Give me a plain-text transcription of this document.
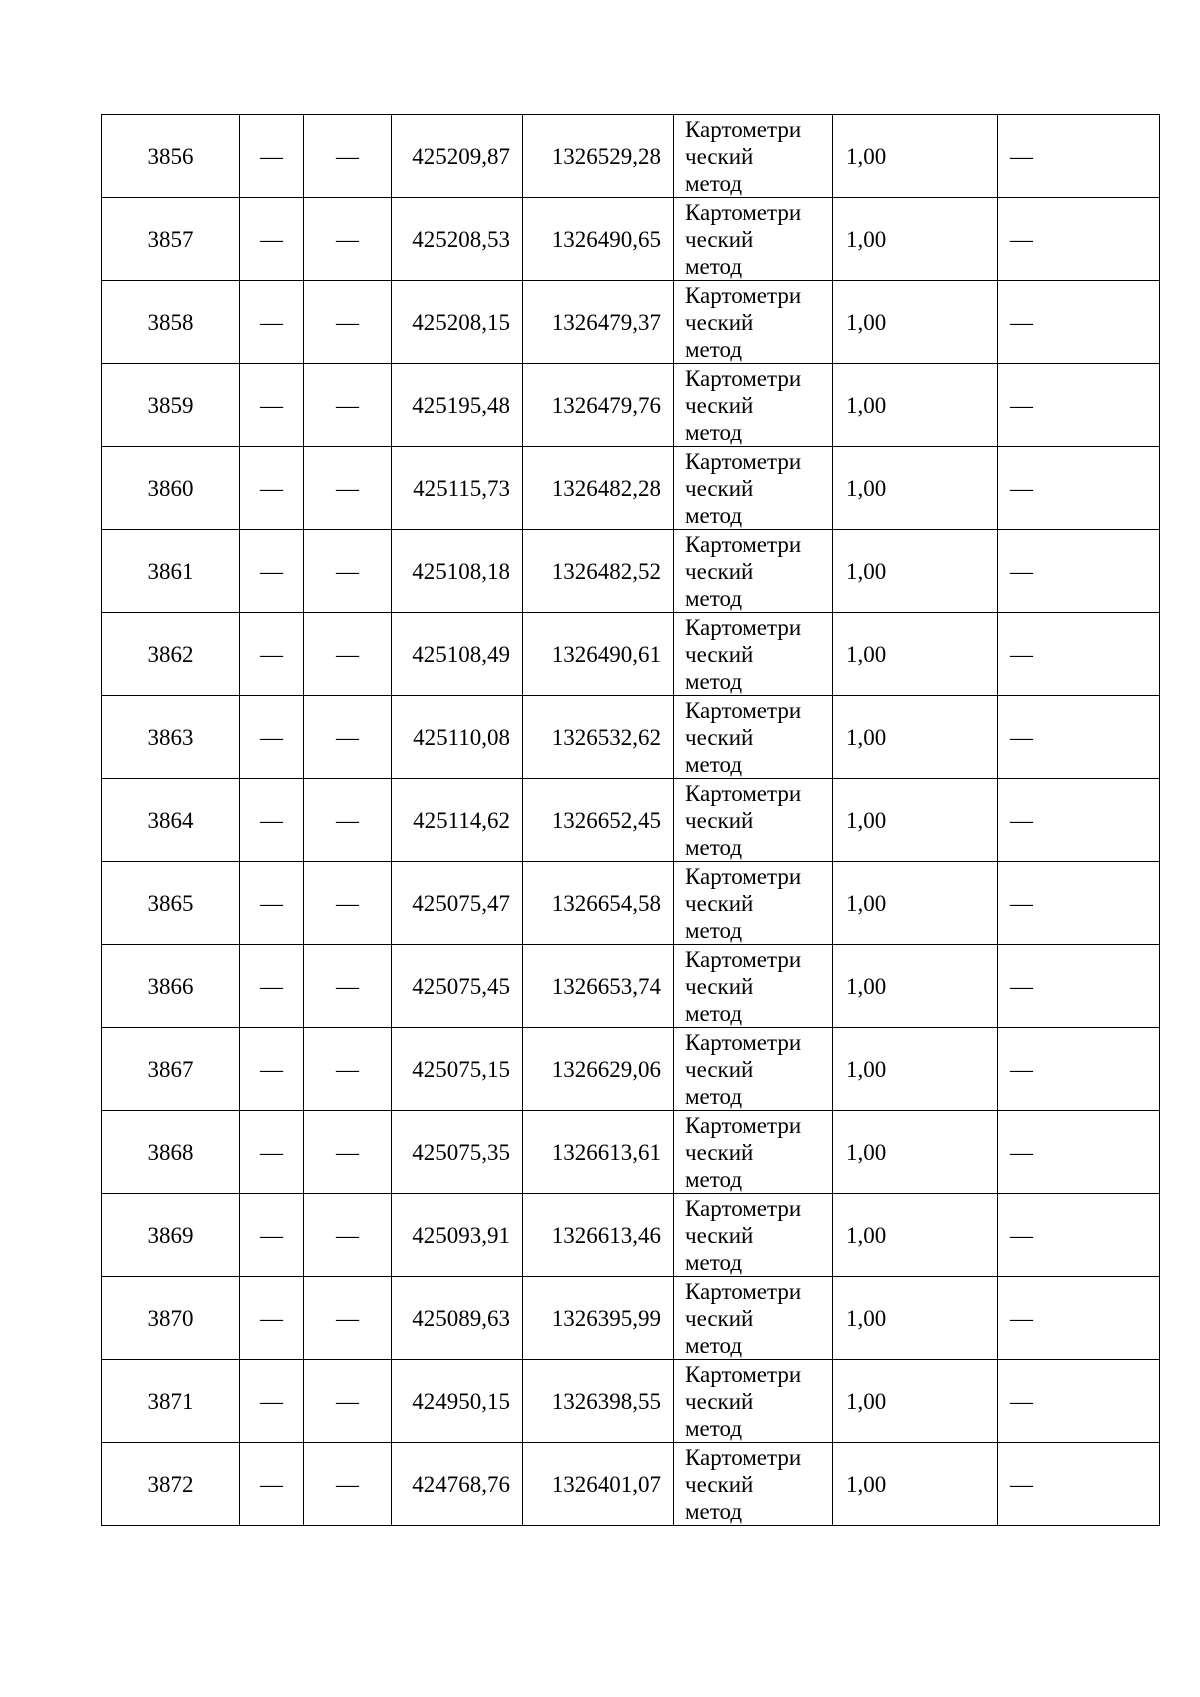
3856	—	—	425209,87	1326529,28	Картометри
ческий
метод	1,00	—
3857	—	—	425208,53	1326490,65	Картометри
ческий
метод	1,00	—
3858	—	—	425208,15	1326479,37	Картометри
ческий
метод	1,00	—
3859	—	—	425195,48	1326479,76	Картометри
ческий
метод	1,00	—
3860	—	—	425115,73	1326482,28	Картометри
ческий
метод	1,00	—
3861	—	—	425108,18	1326482,52	Картометри
ческий
метод	1,00	—
3862	—	—	425108,49	1326490,61	Картометри
ческий
метод	1,00	—
3863	—	—	425110,08	1326532,62	Картометри
ческий
метод	1,00	—
3864	—	—	425114,62	1326652,45	Картометри
ческий
метод	1,00	—
3865	—	—	425075,47	1326654,58	Картометри
ческий
метод	1,00	—
3866	—	—	425075,45	1326653,74	Картометри
ческий
метод	1,00	—
3867	—	—	425075,15	1326629,06	Картометри
ческий
метод	1,00	—
3868	—	—	425075,35	1326613,61	Картометри
ческий
метод	1,00	—
3869	—	—	425093,91	1326613,46	Картометри
ческий
метод	1,00	—
3870	—	—	425089,63	1326395,99	Картометри
ческий
метод	1,00	—
3871	—	—	424950,15	1326398,55	Картометри
ческий
метод	1,00	—
3872	—	—	424768,76	1326401,07	Картометри
ческий
метод	1,00	—
